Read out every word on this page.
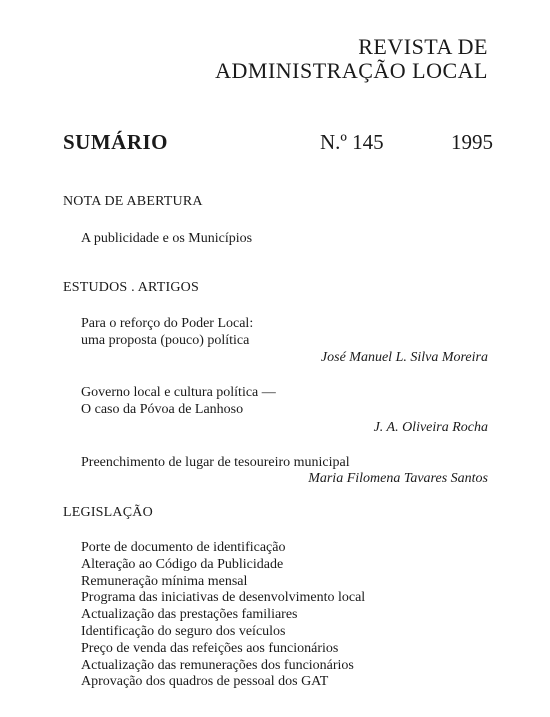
REVISTA DE
ADMINISTRAÇÃO LOCAL
SUMÁRIO	N.º 145	1995
NOTA DE ABERTURA
A publicidade e os Municípios
ESTUDOS . ARTIGOS
Para o reforço do Poder Local:
uma proposta (pouco) política
José Manuel L. Silva Moreira
Governo local e cultura política —
O caso da Póvoa de Lanhoso
J. A. Oliveira Rocha
Preenchimento de lugar de tesoureiro municipal
Maria Filomena Tavares Santos
LEGISLAÇÃO
Porte de documento de identificação
Alteração ao Código da Publicidade
Remuneração mínima mensal
Programa das iniciativas de desenvolvimento local
Actualização das prestações familiares
Identificação do seguro dos veículos
Preço de venda das refeições aos funcionários
Actualização das remunerações dos funcionários
Aprovação dos quadros de pessoal dos GAT
